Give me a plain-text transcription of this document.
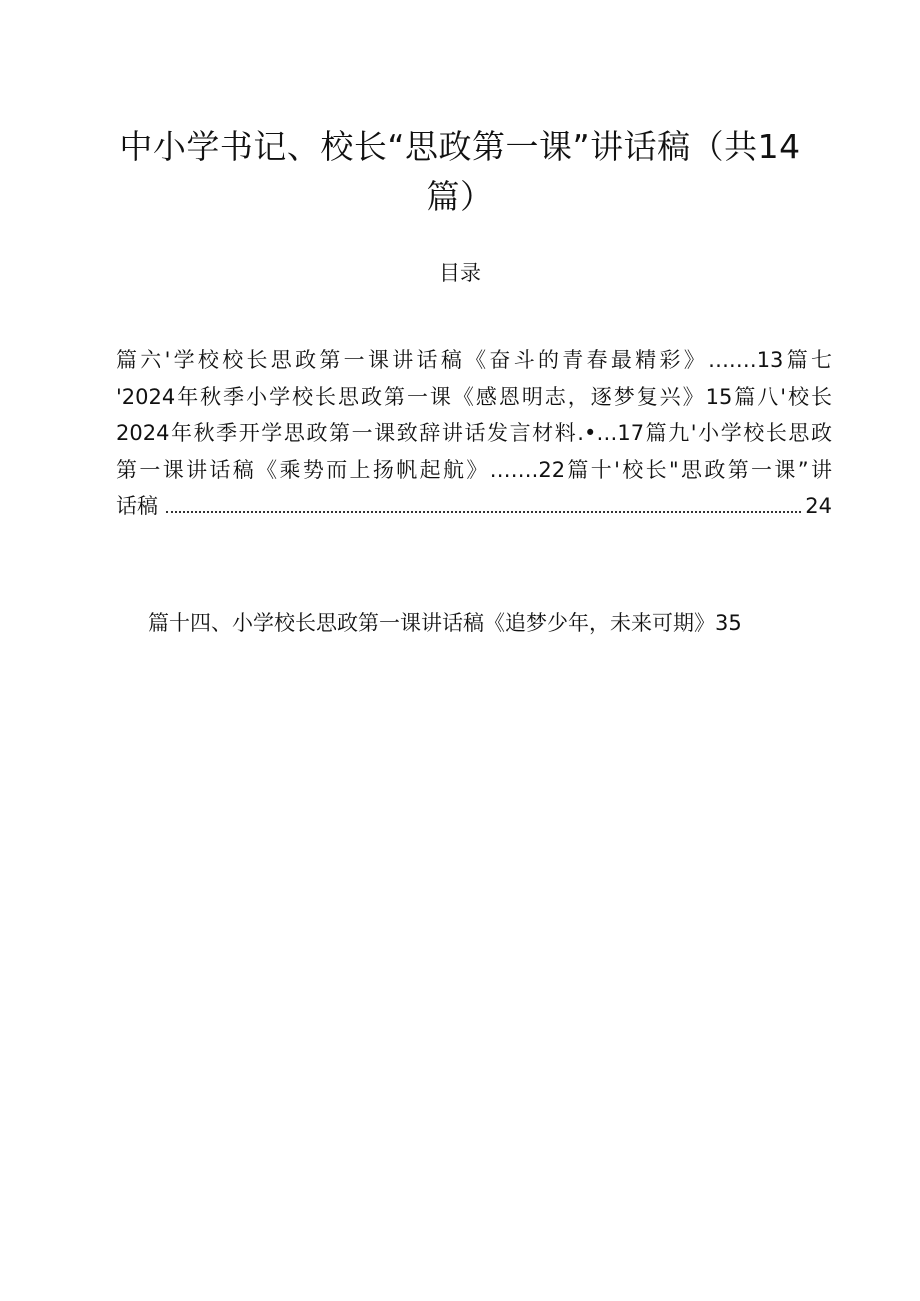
中小学书记、校长“思政第一课”讲话稿（共14
篇）
目录
篇六'学校校长思政第一课讲话稿《奋斗的青春最精彩》….…13篇七
'2024年秋季小学校长思政第一课《感恩明志，逐梦复兴》15篇八'校长
2024年秋季开学思政第一课致辞讲话发言材料.•…17篇九'小学校长思政
第一课讲话稿《乘势而上扬帆起航》…….22篇十'校长"思政第一课”讲
话稿	24
篇十四、小学校长思政第一课讲话稿《追梦少年，未来可期》35
